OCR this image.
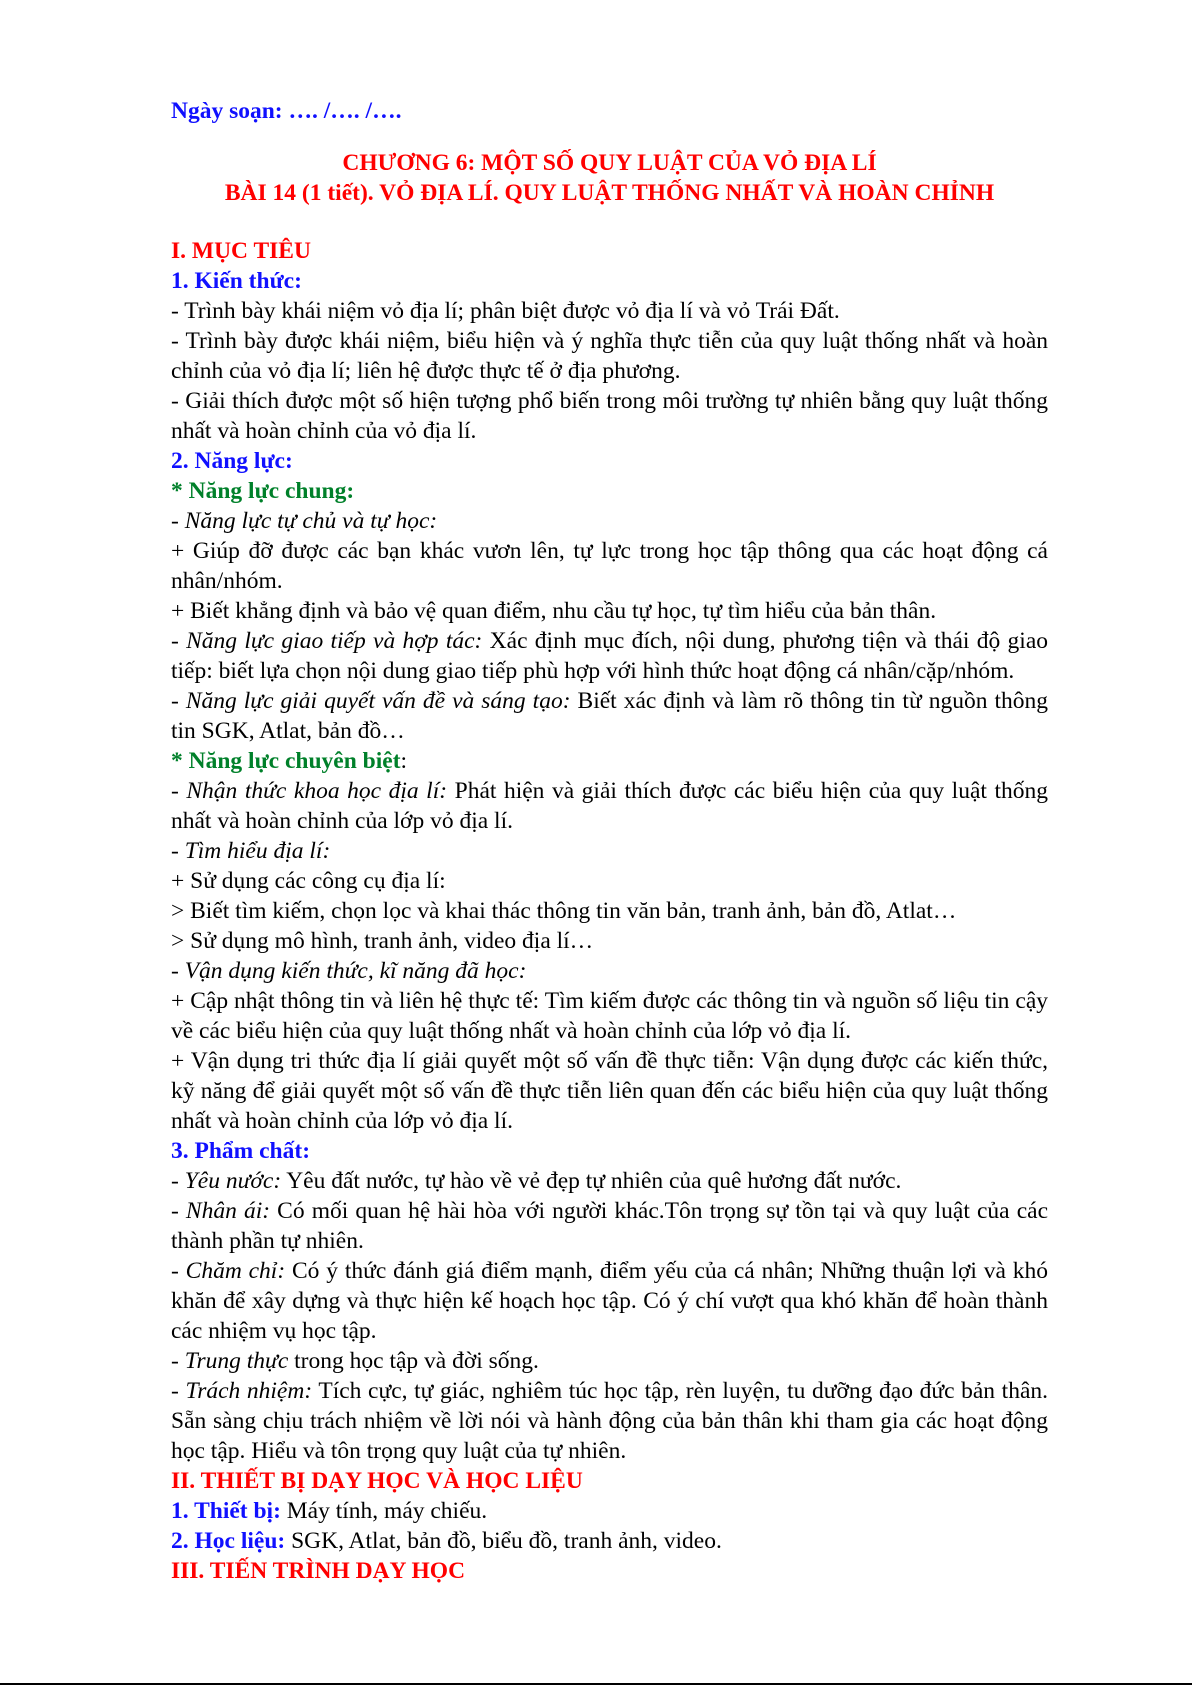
Ngày soạn: …. /…. /….

CHƯƠNG 6: MỘT SỐ QUY LUẬT CỦA VỎ ĐỊA LÍ
BÀI 14 (1 tiết). VỎ ĐỊA LÍ. QUY LUẬT THỐNG NHẤT VÀ HOÀN CHỈNH

I. MỤC TIÊU

1. Kiến thức:

- Trình bày khái niệm vỏ địa lí; phân biệt được vỏ địa lí và vỏ Trái Đất.

- Trình bày được khái niệm, biểu hiện và ý nghĩa thực tiễn của quy luật thống nhất và hoàn chỉnh của vỏ địa lí; liên hệ được thực tế ở địa phương.

- Giải thích được một số hiện tượng phổ biến trong môi trường tự nhiên bằng quy luật thống nhất và hoàn chỉnh của vỏ địa lí.

2. Năng lực:

* Năng lực chung:

- Năng lực tự chủ và tự học:

+ Giúp đỡ được các bạn khác vươn lên, tự lực trong học tập thông qua các hoạt động cá nhân/nhóm.

+ Biết khẳng định và bảo vệ quan điểm, nhu cầu tự học, tự tìm hiểu của bản thân.

- Năng lực giao tiếp và hợp tác: Xác định mục đích, nội dung, phương tiện và thái độ giao tiếp: biết lựa chọn nội dung giao tiếp phù hợp với hình thức hoạt động cá nhân/cặp/nhóm.

- Năng lực giải quyết vấn đề và sáng tạo: Biết xác định và làm rõ thông tin từ nguồn thông tin SGK, Atlat, bản đồ…

* Năng lực chuyên biệt:

- Nhận thức khoa học địa lí: Phát hiện và giải thích được các biểu hiện của quy luật thống nhất và hoàn chỉnh của lớp vỏ địa lí.

- Tìm hiểu địa lí:

+ Sử dụng các công cụ địa lí:

> Biết tìm kiếm, chọn lọc và khai thác thông tin văn bản, tranh ảnh, bản đồ, Atlat…

> Sử dụng mô hình, tranh ảnh, video địa lí…

- Vận dụng kiến thức, kĩ năng đã học:

+ Cập nhật thông tin và liên hệ thực tế: Tìm kiếm được các thông tin và nguồn số liệu tin cậy về các biểu hiện của quy luật thống nhất và hoàn chỉnh của lớp vỏ địa lí.

+ Vận dụng tri thức địa lí giải quyết một số vấn đề thực tiễn: Vận dụng được các kiến thức, kỹ năng để giải quyết một số vấn đề thực tiễn liên quan đến các biểu hiện của quy luật thống nhất và hoàn chỉnh của lớp vỏ địa lí.

3. Phẩm chất:

- Yêu nước: Yêu đất nước, tự hào về vẻ đẹp tự nhiên của quê hương đất nước.

- Nhân ái: Có mối quan hệ hài hòa với người khác.Tôn trọng sự tồn tại và quy luật của các thành phần tự nhiên.

- Chăm chỉ: Có ý thức đánh giá điểm mạnh, điểm yếu của cá nhân; Những thuận lợi và khó khăn để xây dựng và thực hiện kế hoạch học tập. Có ý chí vượt qua khó khăn để hoàn thành các nhiệm vụ học tập.

- Trung thực trong học tập và đời sống.

- Trách nhiệm: Tích cực, tự giác, nghiêm túc học tập, rèn luyện, tu dưỡng đạo đức bản thân. Sẵn sàng chịu trách nhiệm về lời nói và hành động của bản thân khi tham gia các hoạt động học tập. Hiểu và tôn trọng quy luật của tự nhiên.

II. THIẾT BỊ DẠY HỌC VÀ HỌC LIỆU

1. Thiết bị: Máy tính, máy chiếu.

2. Học liệu: SGK, Atlat, bản đồ, biểu đồ, tranh ảnh, video.

III. TIẾN TRÌNH DẠY HỌC
